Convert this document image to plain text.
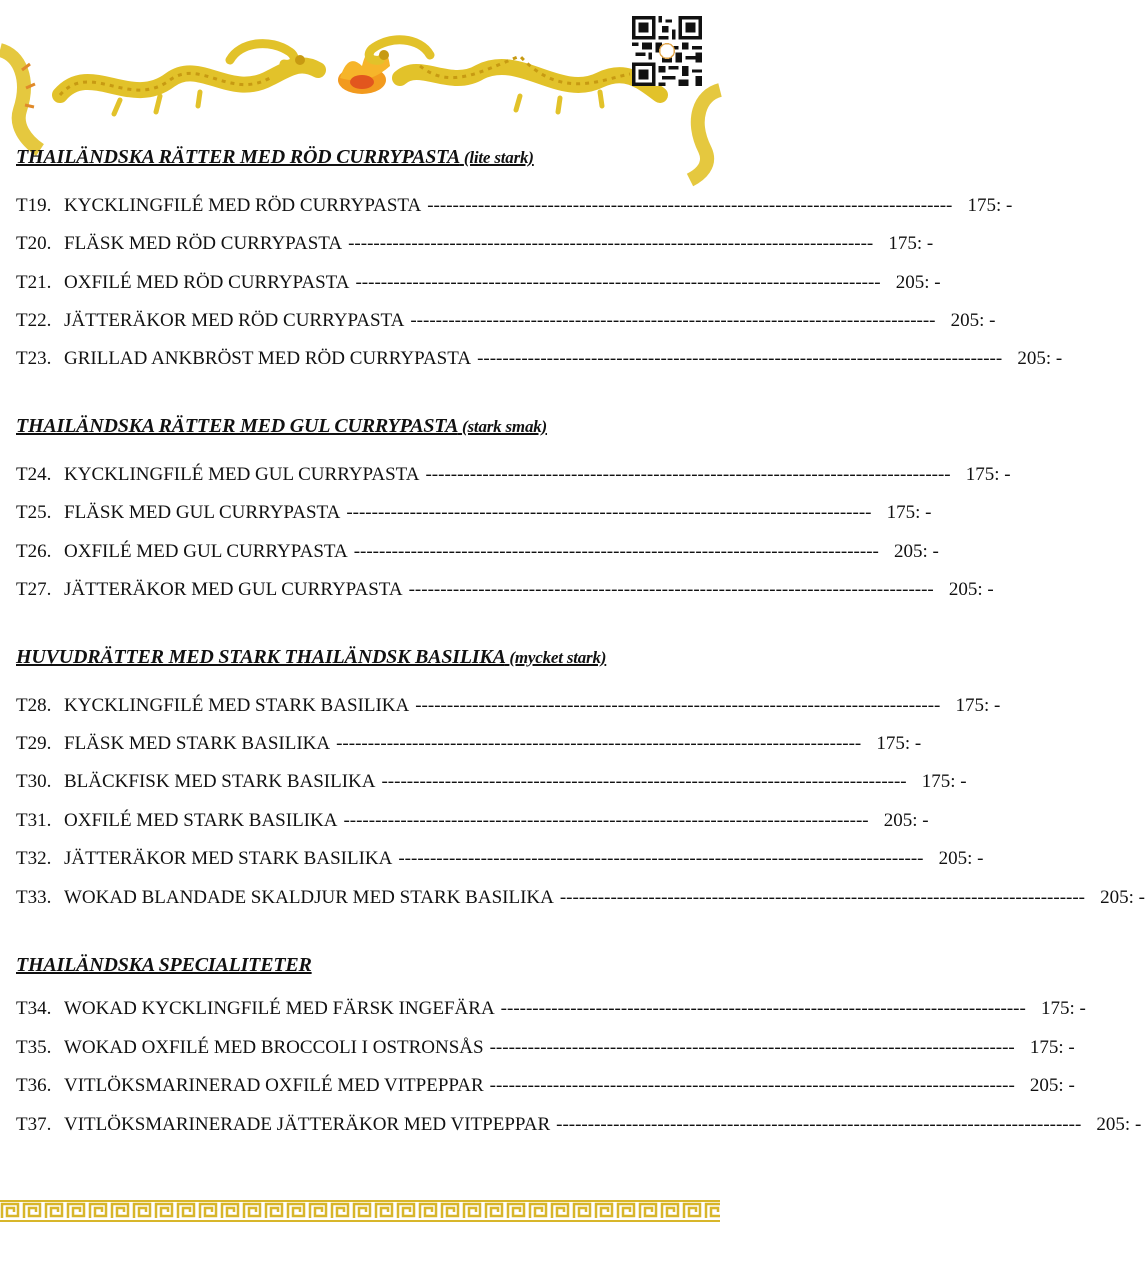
THAILÄNDSKA RÄTTER MED RÖD CURRYPASTA (lite stark)
T19. KYCKLINGFILÉ MED RÖD CURRYPASTA ----------------------------------------------------------------------------------- 175: -
T20. FLÄSK MED RÖD CURRYPASTA ----------------------------------------------------------------------------------- 175: -
T21. OXFILÉ MED RÖD CURRYPASTA ----------------------------------------------------------------------------------- 205: -
T22. JÄTTERÄKOR MED RÖD CURRYPASTA ----------------------------------------------------------------------------------- 205: -
T23. GRILLAD ANKBRÖST MED RÖD CURRYPASTA ----------------------------------------------------------------------------------- 205: -
THAILÄNDSKA RÄTTER MED GUL CURRYPASTA (stark smak)
T24. KYCKLINGFILÉ MED GUL CURRYPASTA ----------------------------------------------------------------------------------- 175: -
T25. FLÄSK MED GUL CURRYPASTA ----------------------------------------------------------------------------------- 175: -
T26. OXFILÉ MED GUL CURRYPASTA ----------------------------------------------------------------------------------- 205: -
T27. JÄTTERÄKOR MED GUL CURRYPASTA ----------------------------------------------------------------------------------- 205: -
HUVUDRÄTTER MED STARK THAILÄNDSK BASILIKA (mycket stark)
T28. KYCKLINGFILÉ MED STARK BASILIKA ----------------------------------------------------------------------------------- 175: -
T29. FLÄSK MED STARK BASILIKA ----------------------------------------------------------------------------------- 175: -
T30. BLÄCKFISK MED STARK BASILIKA ----------------------------------------------------------------------------------- 175: -
T31. OXFILÉ MED STARK BASILIKA ----------------------------------------------------------------------------------- 205: -
T32. JÄTTERÄKOR MED STARK BASILIKA ----------------------------------------------------------------------------------- 205: -
T33. WOKAD BLANDADE SKALDJUR MED STARK BASILIKA ----------------------------------------------------------------------------------- 205: -
THAILÄNDSKA SPECIALITETER
T34. WOKAD KYCKLINGFILÉ MED FÄRSK INGEFÄRA ----------------------------------------------------------------------------------- 175: -
T35. WOKAD OXFILÉ MED BROCCOLI I OSTRONSÅS ----------------------------------------------------------------------------------- 175: -
T36. VITLÖKSMARINERAD OXFILÉ MED VITPEPPAR ----------------------------------------------------------------------------------- 205: -
T37. VITLÖKSMARINERADE JÄTTERÄKOR MED VITPEPPAR ----------------------------------------------------------------------------------- 205: -
